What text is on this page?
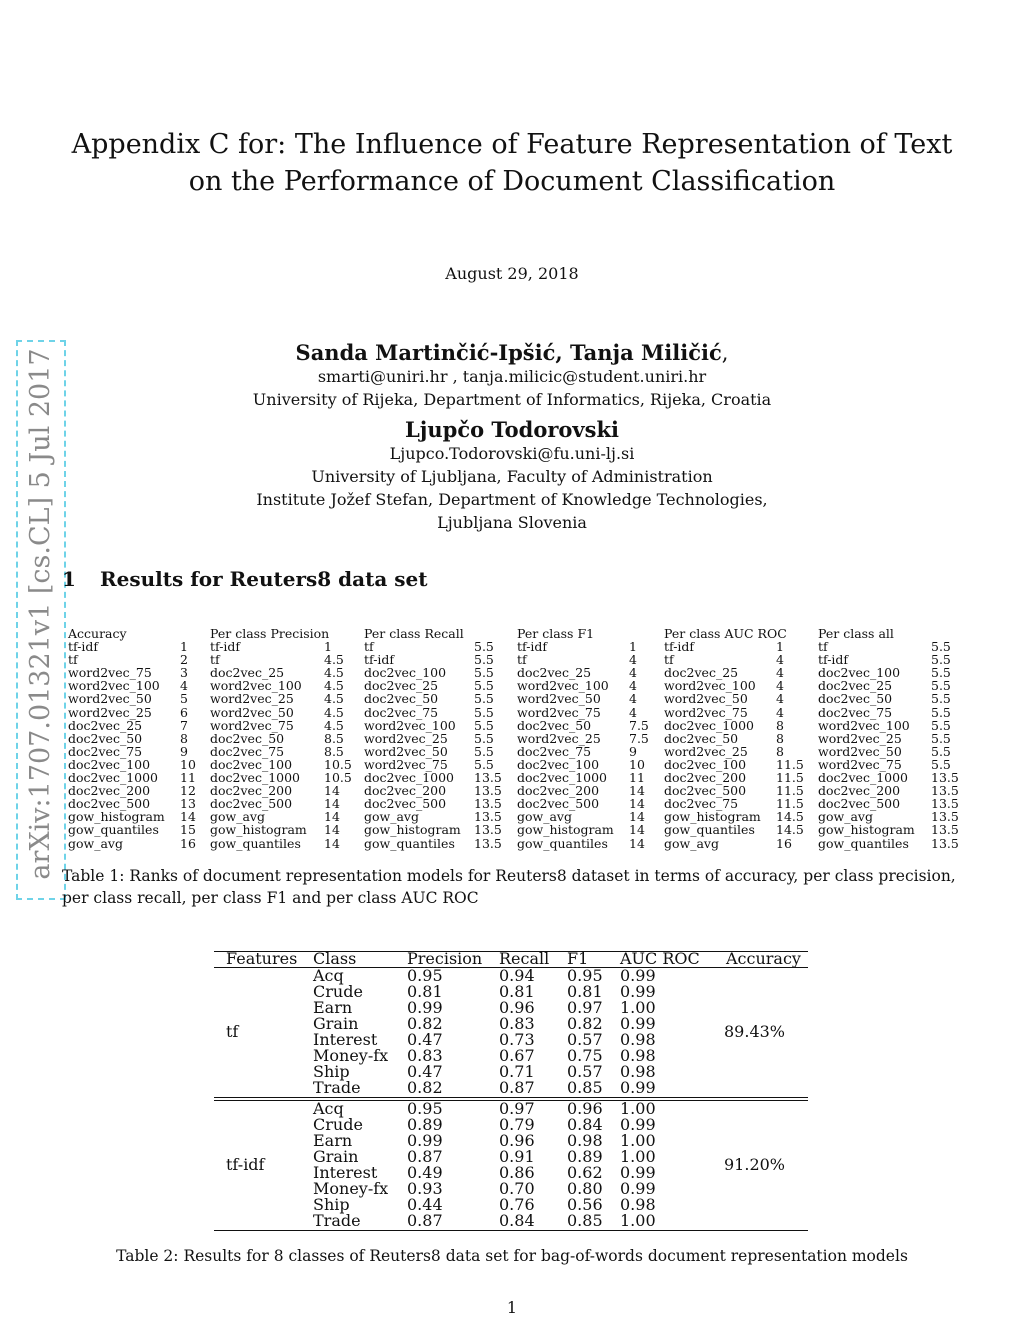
Appendix C for: The Influence of Feature Representation of Text
on the Performance of Document Classification
August 29, 2018
Sanda Martinčić-Ipšić, Tanja Miličić,
smarti@uniri.hr , tanja.milicic@student.uniri.hr
University of Rijeka, Department of Informatics, Rijeka, Croatia
Ljupčo Todorovski
Ljupco.Todorovski@fu.uni-lj.si
University of Ljubljana, Faculty of Administration
Institute Jožef Stefan, Department of Knowledge Technologies,
Ljubljana Slovenia
arXiv:1707.01321v1 [cs.CL] 5 Jul 2017 1 Results for Reuters8 data set
Accuracy
tf-idf	1
tf	2
word2vec_75 3
word2vec_100 4
word2vec_50 5
word2vec_25 6
doc2vec_25	7
doc2vec_50	8
doc2vec_75	9
doc2vec_100 10
doc2vec_1000 11
doc2vec_200 12
doc2vec_500 13
gow_histogram 14
gow_quantiles 15
gow_avg	16
Per class Precision
tf-idf	1
tf	4.5
doc2vec_25	4.5
word2vec_100 4.5
word2vec_25 4.5
word2vec_50 4.5
word2vec_75 4.5
doc2vec_50	8.5
doc2vec_75	8.5
doc2vec_100	10.5
doc2vec_1000 10.5
doc2vec_200	14
doc2vec_500	14
gow_avg	14
gow_histogram 14
gow_quantiles 14
Per class Recall
tf	5.5
tf-idf	5.5
doc2vec_100 5.5
doc2vec_25	5.5
doc2vec_50	5.5
doc2vec_75	5.5
word2vec_100 5.5
word2vec_25 5.5
word2vec_50 5.5
word2vec_75 5.5
doc2vec_1000 13.5
doc2vec_200 13.5
doc2vec_500 13.5
gow_avg	13.5
gow_histogram 13.5
gow_quantiles 13.5
Per class F1
tf-idf	1
tf	4
doc2vec_25	4
word2vec_100 4
word2vec_50 4
word2vec_75 4
doc2vec_50	7.5
word2vec_25 7.5
doc2vec_75	9
doc2vec_100 10
doc2vec_1000 11
doc2vec_200 14
doc2vec_500 14
gow_avg	14
gow_histogram 14
gow_quantiles 14
Per class AUC ROC
tf-idf	1
tf	4
doc2vec_25	4
word2vec_100 4
word2vec_50 4
word2vec_75 4
doc2vec_1000 8
doc2vec_50	8
word2vec_25 8
doc2vec_100 11.5
doc2vec_200 11.5
doc2vec_500 11.5
doc2vec_75	11.5
gow_histogram 14.5
gow_quantiles 14.5
gow_avg	16
Per class all
tf	5.5
tf-idf	5.5
doc2vec_100 5.5
doc2vec_25	5.5
doc2vec_50	5.5
doc2vec_75	5.5
word2vec_100 5.5
word2vec_25 5.5
word2vec_50 5.5
word2vec_75 5.5
doc2vec_1000 13.5
doc2vec_200 13.5
doc2vec_500 13.5
gow_avg	13.5
gow_histogram 13.5
gow_quantiles 13.5
Table 1: Ranks of document representation models for Reuters8 dataset in terms of accuracy, per class precision, per class recall, per class F1 and per class AUC ROC
Features Class	Precision Recall F1 AUC ROC Accuracy
Acq	0.95	0.94 0.95 0.99
Crude	0.81	0.81 0.81 0.99
Earn	0.99	0.96 0.97 1.00
Grain	0.82	0.83 0.82 0.99
Interest 0.47	0.73 0.57 0.98
Money-fx 0.83	0.67 0.75 0.98
Ship	0.47	0.71 0.57 0.98
Trade	0.82	0.87 0.85 0.99
tf	89.43%
Acq	0.95	0.97 0.96 1.00
Crude	0.89	0.79 0.84 0.99
Earn	0.99	0.96 0.98 1.00
Grain	0.87	0.91 0.89 1.00
Interest 0.49	0.86 0.62 0.99
Money-fx 0.93	0.70 0.80 0.99
Ship	0.44	0.76 0.56 0.98
Trade	0.87	0.84 0.85 1.00
tf-idf	91.20%
Table 2: Results for 8 classes of Reuters8 data set for bag-of-words document representation models
1
